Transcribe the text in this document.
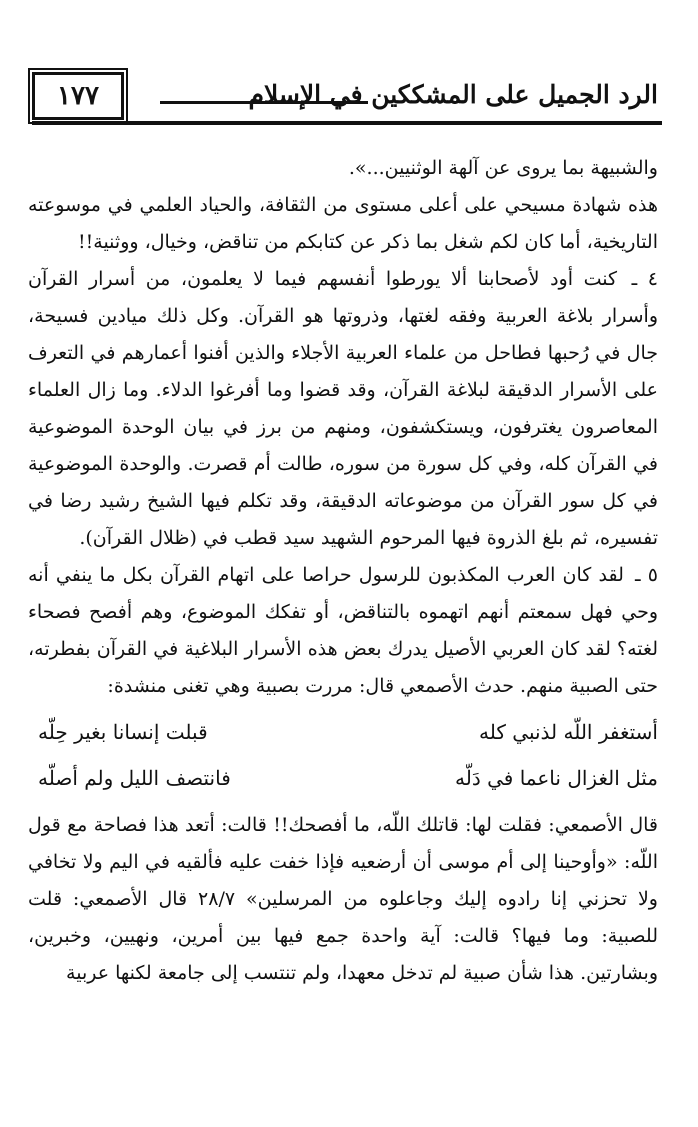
١٧٧	الرد الجميل على المشككين في الإسلام

والشبيهة بما يروى عن آلهة الوثنيين...».

هذه شهادة مسيحي على أعلى مستوى من الثقافة، والحياد العلمي في موسوعته التاريخية، أما كان لكم شغل بما ذكر عن كتابكم من تناقض، وخيال، ووثنية!!

٤ ـ كنت أود لأصحابنا ألا يورطوا أنفسهم فيما لا يعلمون، من أسرار القرآن وأسرار بلاغة العربية وفقه لغتها، وذروتها هو القرآن. وكل ذلك ميادين فسيحة، جال في رُحبها فطاحل من علماء العربية الأجلاء والذين أفنوا أعمارهم في التعرف على الأسرار الدقيقة لبلاغة القرآن، وقد قضوا وما أفرغوا الدلاء. وما زال العلماء المعاصرون يغترفون، ويستكشفون، ومنهم من برز في بيان الوحدة الموضوعية في القرآن كله، وفي كل سورة من سوره، طالت أم قصرت. والوحدة الموضوعية في كل سور القرآن من موضوعاته الدقيقة، وقد تكلم فيها الشيخ رشيد رضا في تفسيره، ثم بلغ الذروة فيها المرحوم الشهيد سيد قطب في (ظلال القرآن).

٥ ـ لقد كان العرب المكذبون للرسول حراصا على اتهام القرآن بكل ما ينفي أنه وحي فهل سمعتم أنهم اتهموه بالتناقض، أو تفكك الموضوع، وهم أفصح فصحاء لغته؟ لقد كان العربي الأصيل يدرك بعض هذه الأسرار البلاغية في القرآن بفطرته، حتى الصبية منهم. حدث الأصمعي قال: مررت بصبية وهي تغنى منشدة:

أستغفر اللّه لذنبي كله
قبلت إنسانا بغير حِلّه
مثل الغزال ناعما في دَلّه
فانتصف الليل ولم أصلّه

قال الأصمعي: فقلت لها: قاتلك اللّه، ما أفصحك!! قالت: أتعد هذا فصاحة مع قول اللّه: «وأوحينا إلى أم موسى أن أرضعيه فإذا خفت عليه فألقيه في اليم ولا تخافي ولا تحزني إنا رادوه إليك وجاعلوه من المرسلين» ٢٨/٧ قال الأصمعي: قلت للصبية: وما فيها؟ قالت: آية واحدة جمع فيها بين أمرين، ونهيين، وخبرين، وبشارتين. هذا شأن صبية لم تدخل معهدا، ولم تنتسب إلى جامعة لكنها عربية
